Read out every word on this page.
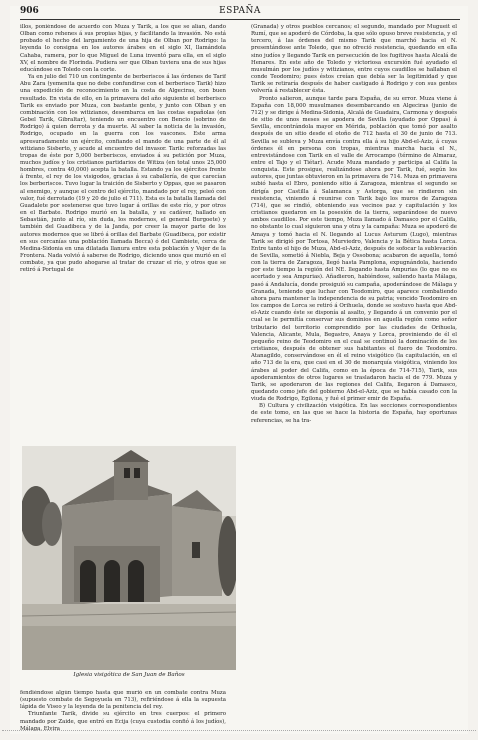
906	ESPAÑA

illos, poniéndose de acuerdo con Muza y Tarik, a los que se alían, dando Olban como rehenes á sus propias hijas, y facilitando la invasión. No está probado el hecho del largamiento de una hija de Olban por Rodrigo: la leyenda lo consigna en los autores árabes en el siglo XI, llamándola Cahaba, ramera, por lo que Miguel de Luna inventó para ella, en el siglo XV, el nombre de Florinda. Pudiera ser que Olban tuviera una de sus hijas educándose en Toledo con la corte.

Ya en julio del 710 un contingente de berberiscos á las órdenes de Tarif Abu Zara (yemenita que no debe confundirse con el berberisco Tarik) hizo una expedición de reconocimiento en la costa de Algeciras, con buen resultado. En vista de ello, en la primavera del año siguiente el berberisco Tarik es enviado por Muza, con bastante gente, y junto con Olban y en combinación con los witizianos, desembarca en las costas españolas (en Gebel Tarik, Gibraltar), teniendo un encuentro con Bencio (sobrino de Rodrigo) á quien derrota y da muerte. Al saber la noticia de la invasión, Rodrigo, ocupado en la guerra con los vascones. Este arma apresuradamente un ejército, confiando el mando de una parte de él al witiziano Sisberto, y acude al encuentro del invasor. Tarik: reforzadas las tropas de éste por 5,000 berberiscos, enviados á su petición por Muza, muchos judíos y los cristianos partidarios de Witiza (en total unos 25,000 hombres, contra 40,000) acepta la batalla. Estando ya los ejércitos frente á frente, el rey de los visigodos, gracias á su caballería, de que carecían los berberiscos. Tuvo lugar la traición de Sisberto y Oppas, que se pasaron al enemigo, y aunque el centro del ejército, mandado por el rey, peleó con valor, fué derrotado (19 y 20 de julio el 711). Esta es la batalla llamada del Guadalete por sostenerse que tuvo lugar á orillas de este río, y por otros en el Barbate. Rodrigo murió en la batalla, y su cadáver, hallado en Sebastián, junto al río, sin duda, los modernos, el general Burgoete) y también del Guadibeca y de la Janda, por creer la mayor parte de los autores modernos que se libró á orillas del Barbate (Guadibeca, por existir en sus cercanías una población llamada Becca) ó del Cambiete, cerca de Medina-Sidonia en una dilatada llanura entre esta población y Vejer de la Frontera. Nada volvió á saberse de Rodrigo, diciendo unos que murió en el combate, ya que pudo ahogarse al tratar de cruzar el río, y otros que se retiró á Portugal de

Iglesia visigótica de San Juan de Baños

fendiéndose algún tiempo hasta que murió en un combate contra Muza (supuesto combate de Segoyuela en 713), refiriéndose á ella la supuesta lápida de Viseo y la leyenda de la penitencia del rey.

Triunfante Tarik, divide su ejército en tres cuerpos: el primero mandado por Zaide, que entró en Ecija (cuya custodia confió á los judíos), Málaga, Elvira

(Granada) y otros pueblos cercanos; el segundo, mandado por Mugueit el Rumí, que se apoderó de Córdoba, la que sólo opuso breve resistencia, y el tercero, á las órdenes del mismo Tarik que marchó hacia el N. presentándose ante Toledo, que no ofreció resistencia, quedando en ella sino judíos y llegando Tarik en persecución de los fugitivos hasta Alcalá de Henares. En este año de Toledo y victoriosa excursión fué ayudado el musulmán por los judíos y witizianos, entre cuyos caudillos se hallaban el conde Teodomiro; pues éstos creían que debía ser la legitimidad y que Tarik se retiraría después de haber castigado á Rodrigo y con sus gentes volvería á restablecer ésta.

Pronto salieron, aunque tarde para España, de su error. Muza viene á España con 18,000 musulmanes desembarcando en Algeciras (junio de 712) y se dirige á Medina-Sidonia, Alcalá de Guadaira, Carmona y después de sitio de unos meses se apodera de Sevilla (ayudado por Oppas) á Sevilla, encontrándola mayor en Mérida, población que tomó por asalto después de un sitio desde el otoño de 712 hasta el 30 de junio de 713. Sevilla se subleva y Muza envía contra ella á su hijo Abd-el-Aziz, á cuyas órdenes él en persona con tropas, mientras marcha hacia el N., entrevistándose con Tarik en el valle de Arrocampo (término de Almaraz, entre el Tajo y el Tiétar). Acude Muza mandado y participa al Califa la conquista. Este prosigue, realizándose ahora por Tarik, fué, según los autores, que juntas obtuvieron en la primavera de 714. Muza en primavera subió hasta el Ebro, poniendo sitio á Zaragoza, mientras el segundo se dirigía por Castilla á Salamanca y Astorga, que se rindieron sin resistencia, viniendo á reunirse con Tarik bajo los muros de Zaragoza (714), que se rindió, obteniendo sus vecinos paz y capitulación y los cristianos quedaron en la posesión de la tierra, separándose de nuevo ambos caudillos. Por este tiempo, Muza llamado á Damasco por el Califa, no obstante lo cual siguieron una y otra y la campaña: Muza se apoderó de Amaya y tomó hacia el N. llegando al Lucus Asturum (Lugo), mientras Tarik se dirigió por Tortosa, Murviedro, Valencia y la Bética hasta Lorca. Entre tanto el hijo de Muza, Abd-el-Aziz, después de sofocar la sublevación de Sevilla, sometió á Niebla, Beja y Ossobona; acabaron de aquella, tomó con la tierra de Zaragoza, llegó hasta Pamplona, expugnándola, haciendo por este tiempo la región del NE. llegando hasta Ampurias (lo que no es acertado y sea Ampurias). Añadieron, habiéndose, saliendo hasta Málaga, pasó á Andalucía, donde prosiguió su campaña, apoderándose de Málaga y Granada, teniendo que luchar con Teodomiro, que aparece combatiendo ahora para mantener la independencia de su patria; vencido Teodomiro en los campos de Lorca se retiró á Orihuela, donde se sostuvo hasta que Abd-el-Aziz cuando éste se disponía al asalto, y llegando á un convenio por el cual se le permitía conservar sus dominios en aquella región como señor tributario del territorio comprendido por las ciudades de Orihuela, Valencia, Alicante, Mula, Begastro, Anaya y Lorca, proviniendo de él el pequeño reino de Teodomiro en el cual se continuó la dominación de los cristianos, después de obtener sus habitantes el fuero de Teodomiro. Atanagildo, conservándose en él el reino visigótico (la capitulación, en el año 713 de la era, que casi en el 30 de monarquía visigótica, viniendo los árabes al poder del Califa, como en la época de 714-715), Tarik, sus apoderamientos de otros lugares se trasladaron hacia el de 779. Muza y Tarik, se apoderaron de las regiones del Califa, llegaron á Damasco, quedando como jefe del gobierno Abd-el-Aziz, que se había casado con la viuda de Rodrigo, Egilona, y fué el primer emir de España.

B) Cultura y civilización visigótica. En las secciones correspondientes de este tomo, en las que se hace la historia de España, hay oportunas referencias, se ha tra-
